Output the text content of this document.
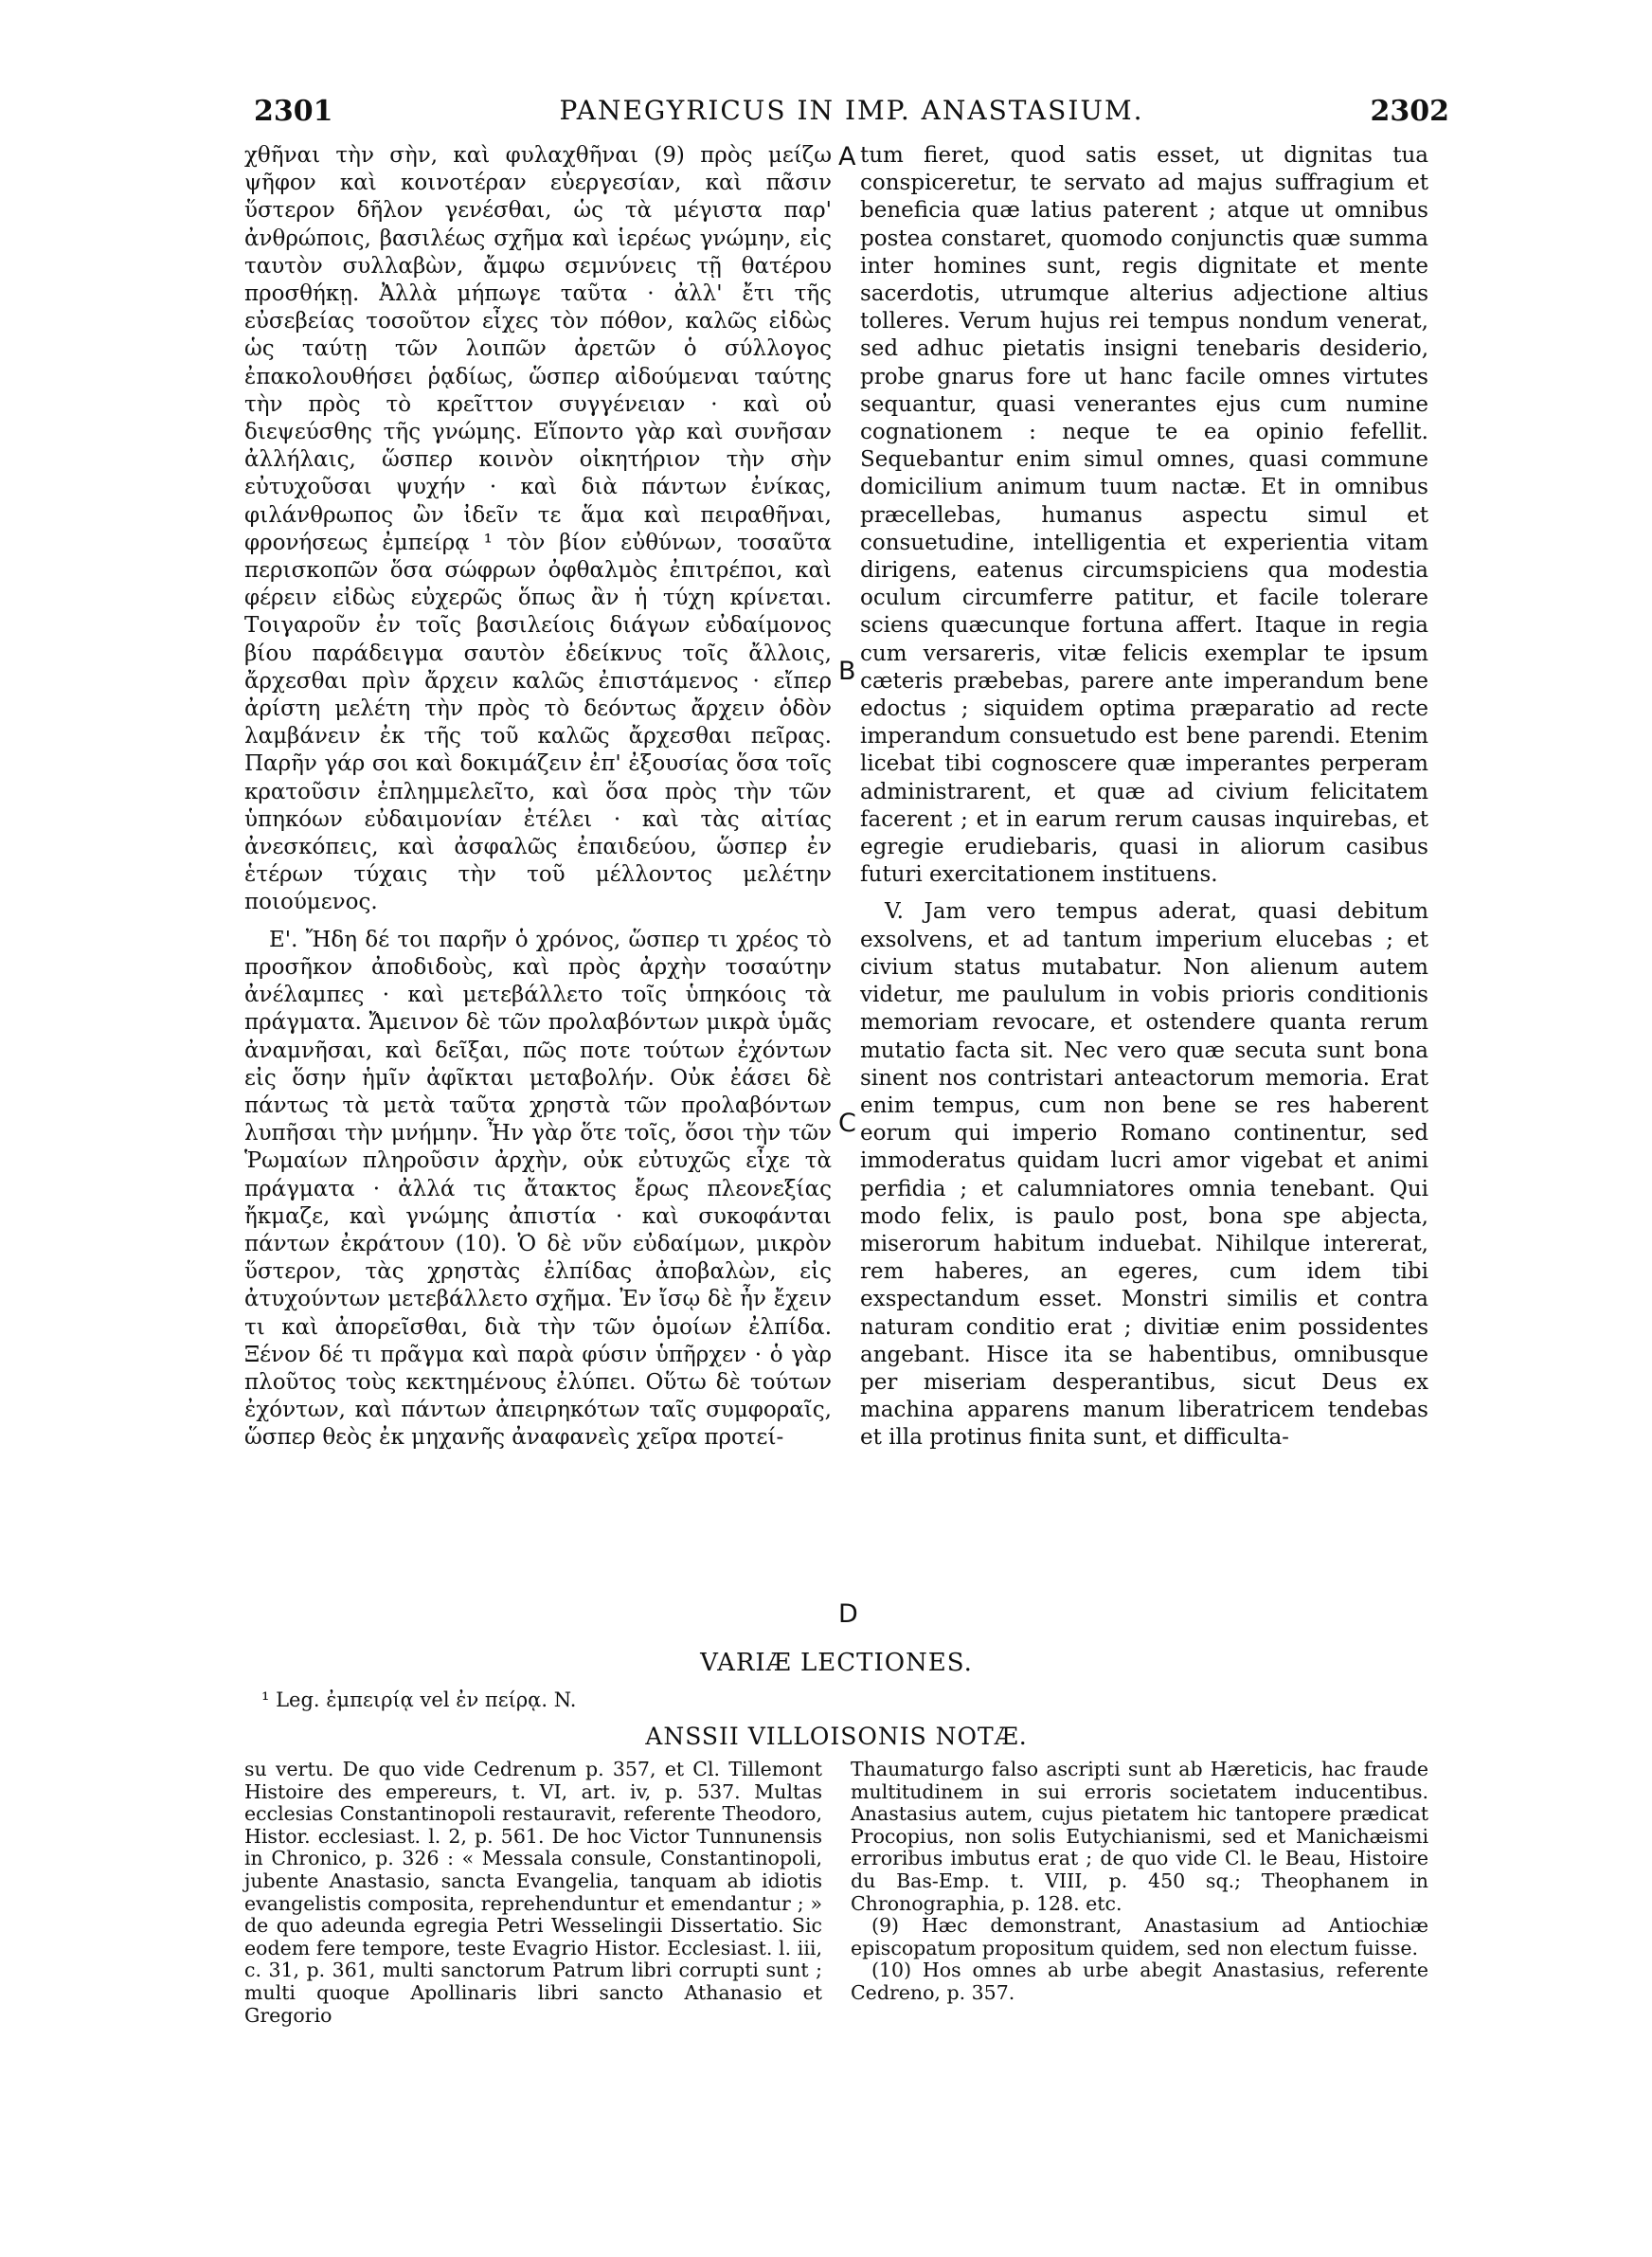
2301	PANEGYRICUS IN IMP. ANASTASIUM.	2302

χθῆναι τὴν σὴν, καὶ φυλαχθῆναι (9) πρὸς μείζω ψῆφον καὶ κοινοτέραν εὐεργεσίαν, καὶ πᾶσιν ὕστερον δῆλον γενέσθαι, ὡς τὰ μέγιστα παρ' ἀνθρώποις, βασιλέως σχῆμα καὶ ἱερέως γνώμην, εἰς ταυτὸν συλλαβὼν, ἄμφω σεμνύνεις τῇ θατέρου προσθήκῃ. Ἀλλὰ μήπωγε ταῦτα · ἀλλ' ἔτι τῆς εὐσεβείας τοσοῦτον εἶχες τὸν πόθον, καλῶς εἰδὼς ὡς ταύτῃ τῶν λοιπῶν ἀρετῶν ὁ σύλλογος ἐπακολουθήσει ῥᾳδίως, ὥσπερ αἰδούμεναι ταύτης τὴν πρὸς τὸ κρεῖττον συγγένειαν · καὶ οὐ διεψεύσθης τῆς γνώμης. Εἵποντο γὰρ καὶ συνῆσαν ἀλλήλαις, ὥσπερ κοινὸν οἰκητήριον τὴν σὴν εὐτυχοῦσαι ψυχήν · καὶ διὰ πάντων ἐνίκας, φιλάνθρωπος ὢν ἰδεῖν τε ἅμα καὶ πειραθῆναι, φρονήσεως ἐμπείρᾳ ¹ τὸν βίον εὐθύνων, τοσαῦτα περισκοπῶν ὅσα σώφρων ὀφθαλμὸς ἐπιτρέποι, καὶ φέρειν εἰδὼς εὐχερῶς ὅπως ἂν ἡ τύχη κρίνεται. Τοιγαροῦν ἐν τοῖς βασιλείοις διάγων εὐδαίμονος βίου παράδειγμα σαυτὸν ἐδείκνυς τοῖς ἄλλοις, ἄρχεσθαι πρὶν ἄρχειν καλῶς ἐπιστάμενος · εἴπερ ἀρίστη μελέτη τὴν πρὸς τὸ δεόντως ἄρχειν ὁδὸν λαμβάνειν ἐκ τῆς τοῦ καλῶς ἄρχεσθαι πεῖρας. Παρῆν γάρ σοι καὶ δοκιμάζειν ἐπ' ἐξουσίας ὅσα τοῖς κρατοῦσιν ἐπλημμελεῖτο, καὶ ὅσα πρὸς τὴν τῶν ὑπηκόων εὐδαιμονίαν ἐτέλει · καὶ τὰς αἰτίας ἀνεσκόπεις, καὶ ἀσφαλῶς ἐπαιδεύου, ὥσπερ ἐν ἑτέρων τύχαις τὴν τοῦ μέλλοντος μελέτην ποιούμενος.

Ε'. Ἤδη δέ τοι παρῆν ὁ χρόνος, ὥσπερ τι χρέος τὸ προσῆκον ἀποδιδοὺς, καὶ πρὸς ἀρχὴν τοσαύτην ἀνέλαμπες · καὶ μετεβάλλετο τοῖς ὑπηκόοις τὰ πράγματα. Ἄμεινον δὲ τῶν προλαβόντων μικρὰ ὑμᾶς ἀναμνῆσαι, καὶ δεῖξαι, πῶς ποτε τούτων ἐχόντων εἰς ὅσην ἡμῖν ἀφῖκται μεταβολήν. Οὐκ ἐάσει δὲ πάντως τὰ μετὰ ταῦτα χρηστὰ τῶν προλαβόντων λυπῆσαι τὴν μνήμην. Ἦν γὰρ ὅτε τοῖς, ὅσοι τὴν τῶν Ῥωμαίων πληροῦσιν ἀρχὴν, οὐκ εὐτυχῶς εἶχε τὰ πράγματα · ἀλλά τις ἄτακτος ἔρως πλεονεξίας ἤκμαζε, καὶ γνώμης ἀπιστία · καὶ συκοφάνται πάντων ἐκράτουν (10). Ὁ δὲ νῦν εὐδαίμων, μικρὸν ὕστερον, τὰς χρηστὰς ἐλπίδας ἀποβαλὼν, εἰς ἀτυχούντων μετεβάλλετο σχῆμα. Ἐν ἴσῳ δὲ ἦν ἔχειν τι καὶ ἀπορεῖσθαι, διὰ τὴν τῶν ὁμοίων ἐλπίδα. Ξένον δέ τι πρᾶγμα καὶ παρὰ φύσιν ὑπῆρχεν · ὁ γὰρ πλοῦτος τοὺς κεκτημένους ἐλύπει. Οὕτω δὲ τούτων ἐχόντων, καὶ πάντων ἀπειρηκότων ταῖς συμφοραῖς, ὥσπερ θεὸς ἐκ μηχανῆς ἀναφανεὶς χεῖρα προτεί-

tum fieret, quod satis esset, ut dignitas tua conspiceretur, te servato ad majus suffragium et beneficia quæ latius paterent ; atque ut omnibus postea constaret, quomodo conjunctis quæ summa inter homines sunt, regis dignitate et mente sacerdotis, utrumque alterius adjectione altius tolleres. Verum hujus rei tempus nondum venerat, sed adhuc pietatis insigni tenebaris desiderio, probe gnarus fore ut hanc facile omnes virtutes sequantur, quasi venerantes ejus cum numine cognationem : neque te ea opinio fefellit. Sequebantur enim simul omnes, quasi commune domicilium animum tuum nactæ. Et in omnibus præcellebas, humanus aspectu simul et consuetudine, intelligentia et experientia vitam dirigens, eatenus circumspiciens qua modestia oculum circumferre patitur, et facile tolerare sciens quæcunque fortuna affert. Itaque in regia cum versareris, vitæ felicis exemplar te ipsum cæteris præbebas, parere ante imperandum bene edoctus ; siquidem optima præparatio ad recte imperandum consuetudo est bene parendi. Etenim licebat tibi cognoscere quæ imperantes perperam administrarent, et quæ ad civium felicitatem facerent ; et in earum rerum causas inquirebas, et egregie erudiebaris, quasi in aliorum casibus futuri exercitationem instituens.

V. Jam vero tempus aderat, quasi debitum exsolvens, et ad tantum imperium elucebas ; et civium status mutabatur. Non alienum autem videtur, me paululum in vobis prioris conditionis memoriam revocare, et ostendere quanta rerum mutatio facta sit. Nec vero quæ secuta sunt bona sinent nos contristari anteactorum memoria. Erat enim tempus, cum non bene se res haberent eorum qui imperio Romano continentur, sed immoderatus quidam lucri amor vigebat et animi perfidia ; et calumniatores omnia tenebant. Qui modo felix, is paulo post, bona spe abjecta, miserorum habitum induebat. Nihilque intererat, rem haberes, an egeres, cum idem tibi exspectandum esset. Monstri similis et contra naturam conditio erat ; divitiæ enim possidentes angebant. Hisce ita se habentibus, omnibusque per miseriam desperantibus, sicut Deus ex machina apparens manum liberatricem tendebas et illa protinus finita sunt, et difficulta-

A
B
C
D
VARIÆ LECTIONES.
¹ Leg. ἐμπειρίᾳ vel ἐν πείρᾳ. N.
ANSSII VILLOISONIS NOTÆ.

su vertu. De quo vide Cedrenum p. 357, et Cl. Tillemont Histoire des empereurs, t. VI, art. iv, p. 537. Multas ecclesias Constantinopoli restauravit, referente Theodoro, Histor. ecclesiast. l. 2, p. 561. De hoc Victor Tunnunensis in Chronico, p. 326 : « Messala consule, Constantinopoli, jubente Anastasio, sancta Evangelia, tanquam ab idiotis evangelistis composita, reprehenduntur et emendantur ; » de quo adeunda egregia Petri Wesselingii Dissertatio. Sic eodem fere tempore, teste Evagrio Histor. Ecclesiast. l. iii, c. 31, p. 361, multi sanctorum Patrum libri corrupti sunt ; multi quoque Apollinaris libri sancto Athanasio et Gregorio

Thaumaturgo falso ascripti sunt ab Hæreticis, hac fraude multitudinem in sui erroris societatem inducentibus. Anastasius autem, cujus pietatem hic tantopere prædicat Procopius, non solis Eutychianismi, sed et Manichæismi erroribus imbutus erat ; de quo vide Cl. le Beau, Histoire du Bas-Emp. t. VIII, p. 450 sq.; Theophanem in Chronographia, p. 128. etc.

(9) Hæc demonstrant, Anastasium ad Antiochiæ episcopatum propositum quidem, sed non electum fuisse.

(10) Hos omnes ab urbe abegit Anastasius, referente Cedreno, p. 357.
